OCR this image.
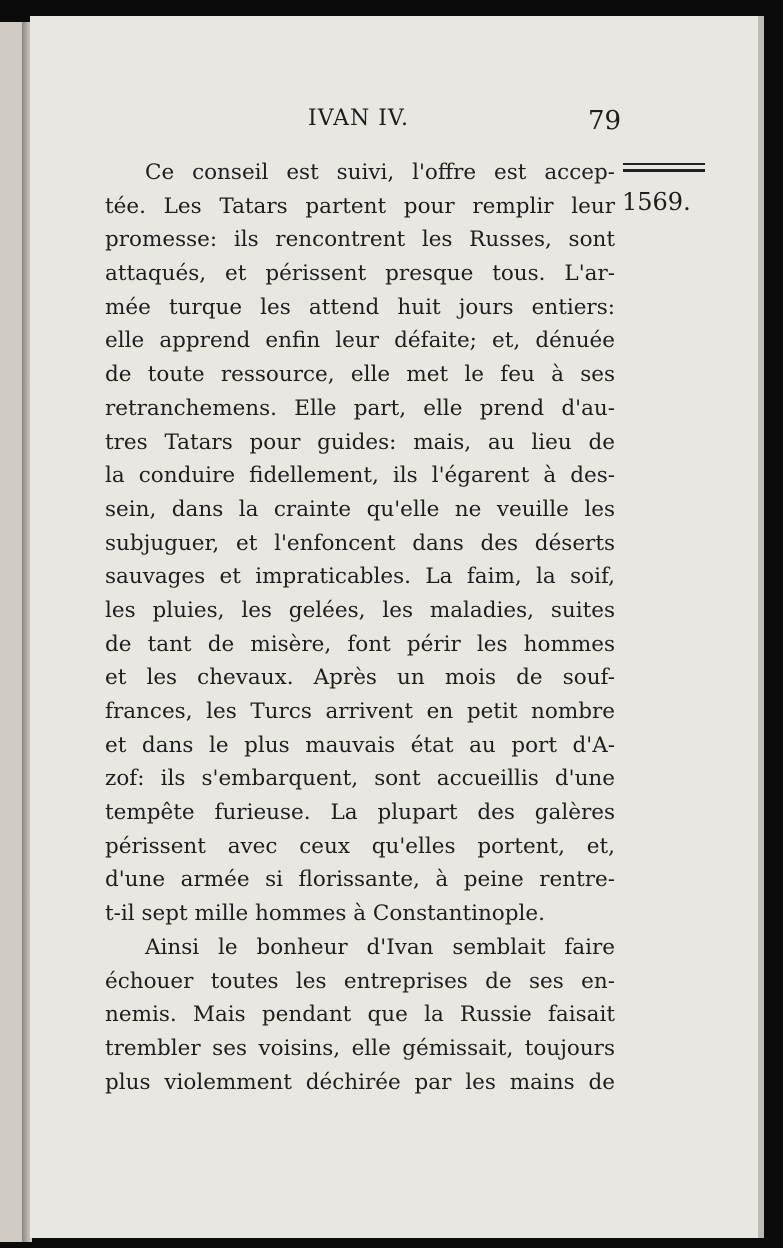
IVAN IV.	79
1569.
Ce conseil est suivi, l'offre est accep-
tée. Les Tatars partent pour remplir leur
promesse: ils rencontrent les Russes, sont
attaqués, et périssent presque tous. L'ar-
mée turque les attend huit jours entiers:
elle apprend enfin leur défaite; et, dénuée
de toute ressource, elle met le feu à ses
retranchemens. Elle part, elle prend d'au-
tres Tatars pour guides: mais, au lieu de
la conduire fidellement, ils l'égarent à des-
sein, dans la crainte qu'elle ne veuille les
subjuguer, et l'enfoncent dans des déserts
sauvages et impraticables. La faim, la soif,
les pluies, les gelées, les maladies, suites
de tant de misère, font périr les hommes
et les chevaux. Après un mois de souf-
frances, les Turcs arrivent en petit nombre
et dans le plus mauvais état au port d'A-
zof: ils s'embarquent, sont accueillis d'une
tempête furieuse. La plupart des galères
périssent avec ceux qu'elles portent, et,
d'une armée si florissante, à peine rentre-
t-il sept mille hommes à Constantinople.
Ainsi le bonheur d'Ivan semblait faire
échouer toutes les entreprises de ses en-
nemis. Mais pendant que la Russie faisait
trembler ses voisins, elle gémissait, toujours
plus violemment déchirée par les mains de
